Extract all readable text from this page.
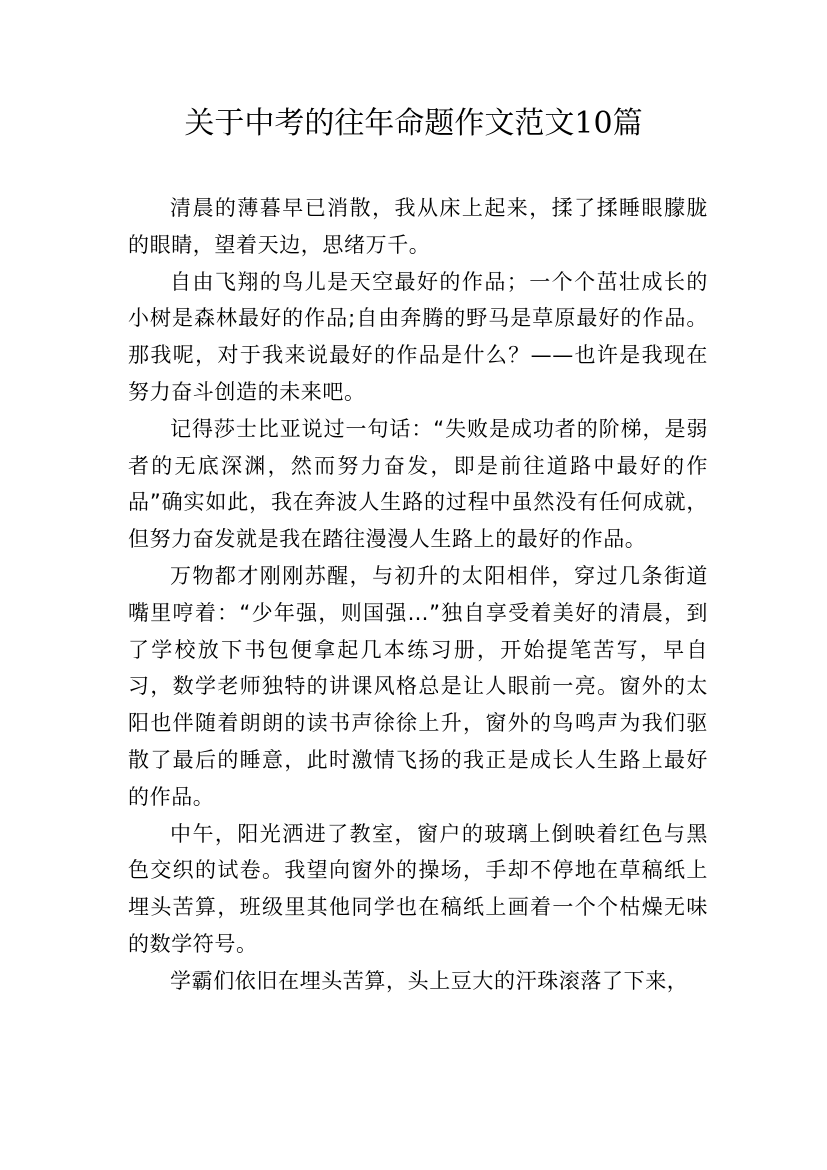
关于中考的往年命题作文范文10篇

清晨的薄暮早已消散，我从床上起来，揉了揉睡眼朦胧的眼睛，望着天边，思绪万千。

自由飞翔的鸟儿是天空最好的作品；一个个茁壮成长的小树是森林最好的作品;自由奔腾的野马是草原最好的作品。那我呢，对于我来说最好的作品是什么？——也许是我现在努力奋斗创造的未来吧。

记得莎士比亚说过一句话：“失败是成功者的阶梯，是弱者的无底深渊，然而努力奋发，即是前往道路中最好的作品”确实如此，我在奔波人生路的过程中虽然没有任何成就，但努力奋发就是我在踏往漫漫人生路上的最好的作品。

万物都才刚刚苏醒，与初升的太阳相伴，穿过几条街道嘴里哼着：“少年强，则国强…”独自享受着美好的清晨，到了学校放下书包便拿起几本练习册，开始提笔苦写，早自习，数学老师独特的讲课风格总是让人眼前一亮。窗外的太阳也伴随着朗朗的读书声徐徐上升，窗外的鸟鸣声为我们驱散了最后的睡意，此时激情飞扬的我正是成长人生路上最好的作品。

中午，阳光洒进了教室，窗户的玻璃上倒映着红色与黑色交织的试卷。我望向窗外的操场，手却不停地在草稿纸上埋头苦算，班级里其他同学也在稿纸上画着一个个枯燥无味的数学符号。

学霸们依旧在埋头苦算，头上豆大的汗珠滚落了下来，
